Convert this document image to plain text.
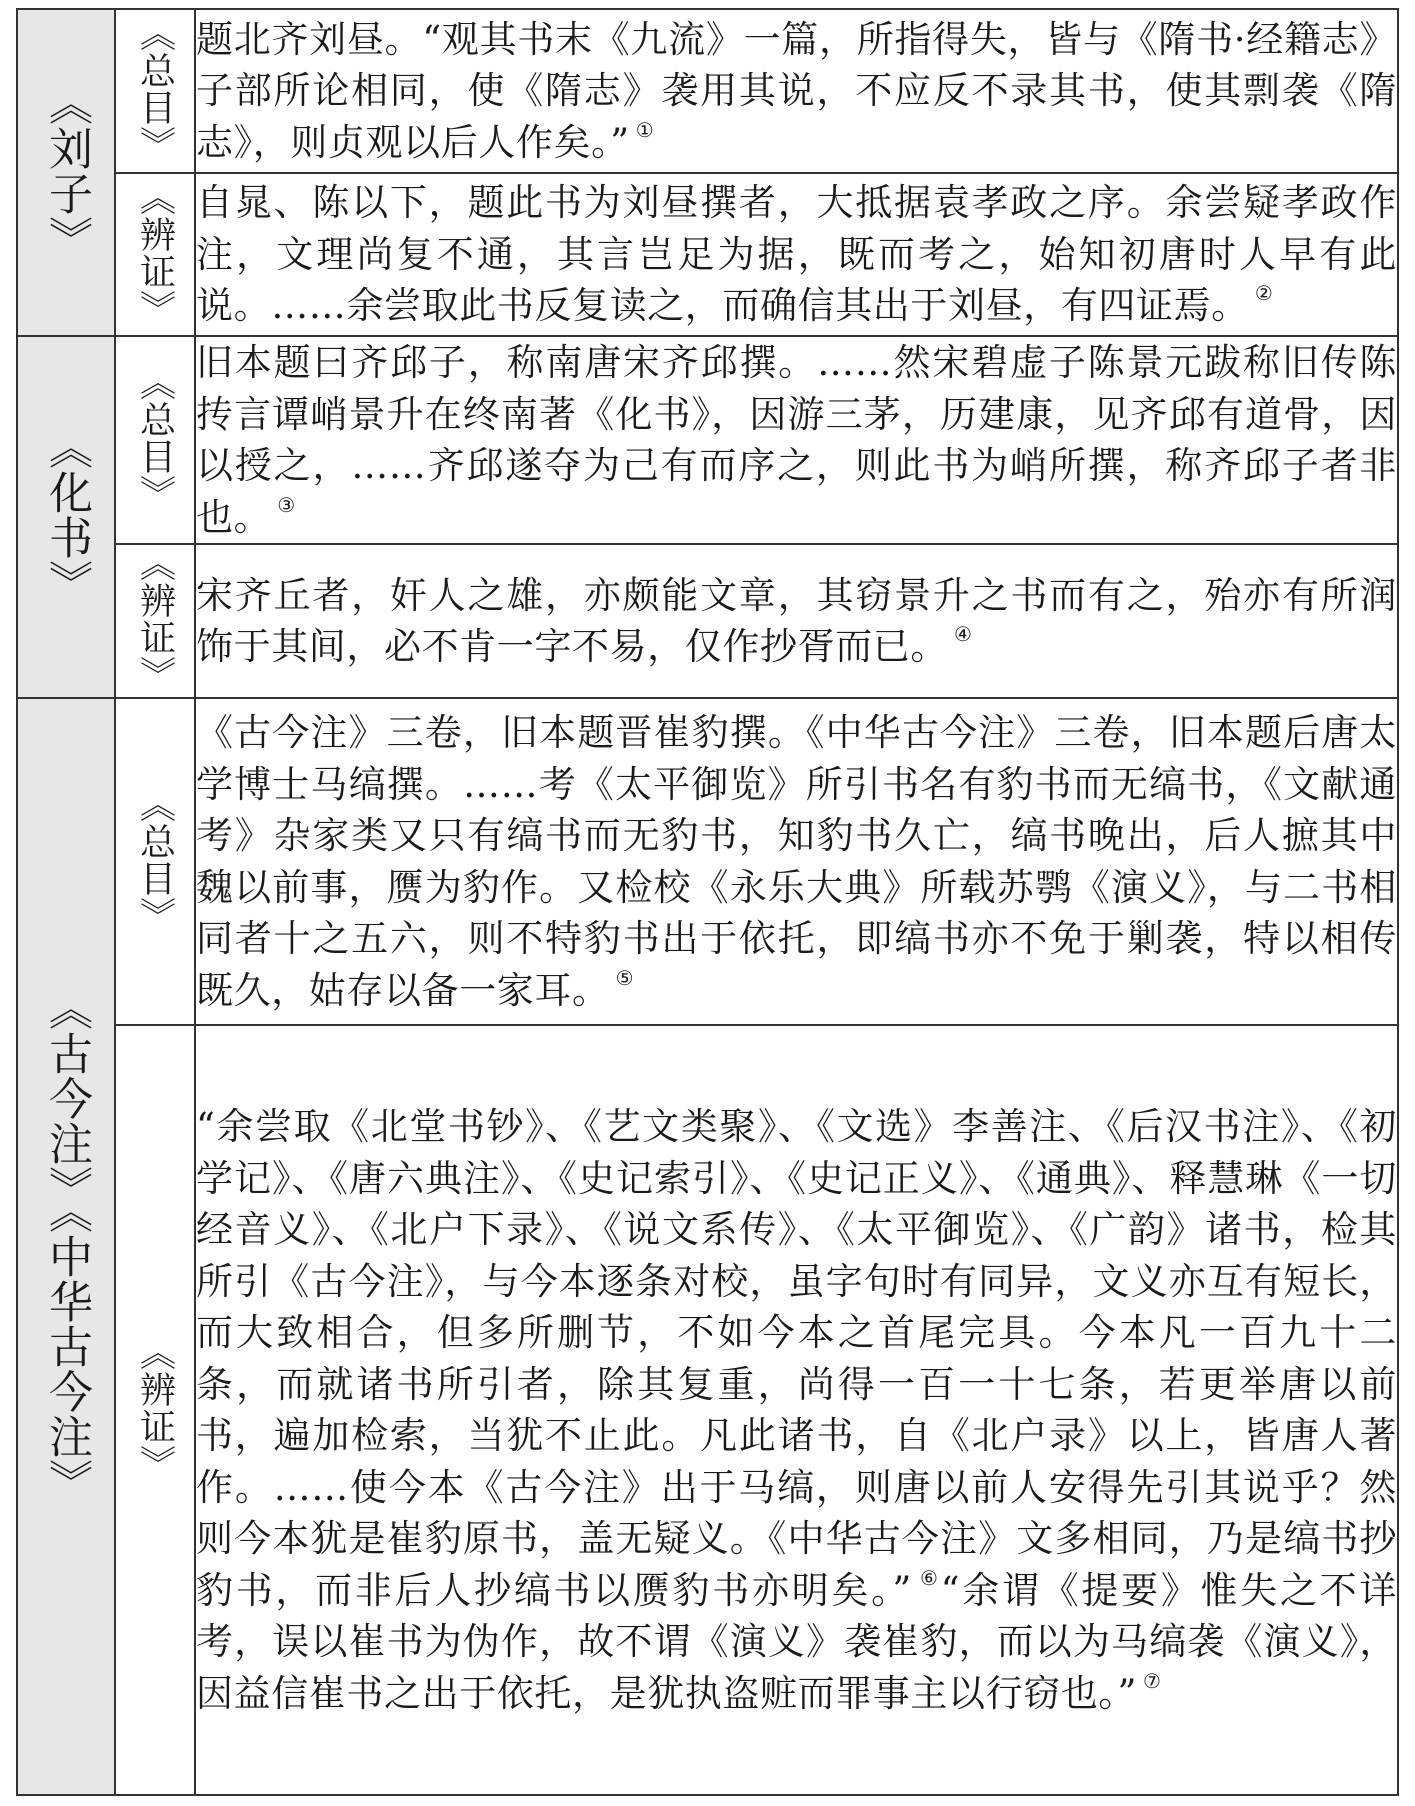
《刘子》	《总目》	题北齐刘昼。“观其书末《九流》一篇，所指得失，皆与《隋书·经籍志》子部所论相同，使《隋志》袭用其说，不应反不录其书，使其剽袭《隋志》，则贞观以后人作矣。” ①

	《辨证》	自晁、陈以下，题此书为刘昼撰者，大抵据袁孝政之序。余尝疑孝政作注，文理尚复不通，其言岂足为据，既而考之，始知初唐时人早有此说。……余尝取此书反复读之，而确信其出于刘昼，有四证焉。 ②

《化书》	《总目》	旧本题曰齐邱子，称南唐宋齐邱撰。……然宋碧虚子陈景元跋称旧传陈抟言谭峭景升在终南著《化书》，因游三茅，历建康，见齐邱有道骨，因以授之，……齐邱遂夺为己有而序之，则此书为峭所撰，称齐邱子者非也。 ③

	《辨证》	宋齐丘者，奸人之雄，亦颇能文章，其窃景升之书而有之，殆亦有所润饰于其间，必不肯一字不易，仅作抄胥而已。 ④

《古今注》《中华古今注》	《总目》	《古今注》三卷，旧本题晋崔豹撰。《中华古今注》三卷，旧本题后唐太学博士马缟撰。……考《太平御览》所引书名有豹书而无缟书，《文献通考》杂家类又只有缟书而无豹书，知豹书久亡，缟书晚出，后人摭其中魏以前事，赝为豹作。又检校《永乐大典》所载苏鹗《演义》，与二书相同者十之五六，则不特豹书出于依托，即缟书亦不免于剿袭，特以相传既久，姑存以备一家耳。 ⑤

	《辨证》	“余尝取《北堂书钞》、《艺文类聚》、《文选》李善注、《后汉书注》、《初学记》、《唐六典注》、《史记索引》、《史记正义》、《通典》、释慧琳《一切经音义》、《北户下录》、《说文系传》、《太平御览》、《广韵》诸书，检其所引《古今注》，与今本逐条对校，虽字句时有同异，文义亦互有短长，而大致相合，但多所删节，不如今本之首尾完具。今本凡一百九十二条，而就诸书所引者，除其复重，尚得一百一十七条，若更举唐以前书，遍加检索，当犹不止此。凡此诸书，自《北户录》以上，皆唐人著作。……使今本《古今注》出于马缟，则唐以前人安得先引其说乎？然则今本犹是崔豹原书，盖无疑义。《中华古今注》文多相同，乃是缟书抄豹书，而非后人抄缟书以赝豹书亦明矣。” ⑥“余谓《提要》惟失之不详考，误以崔书为伪作，故不谓《演义》袭崔豹，而以为马缟袭《演义》，因益信崔书之出于依托，是犹执盗赃而罪事主以行窃也。” ⑦
